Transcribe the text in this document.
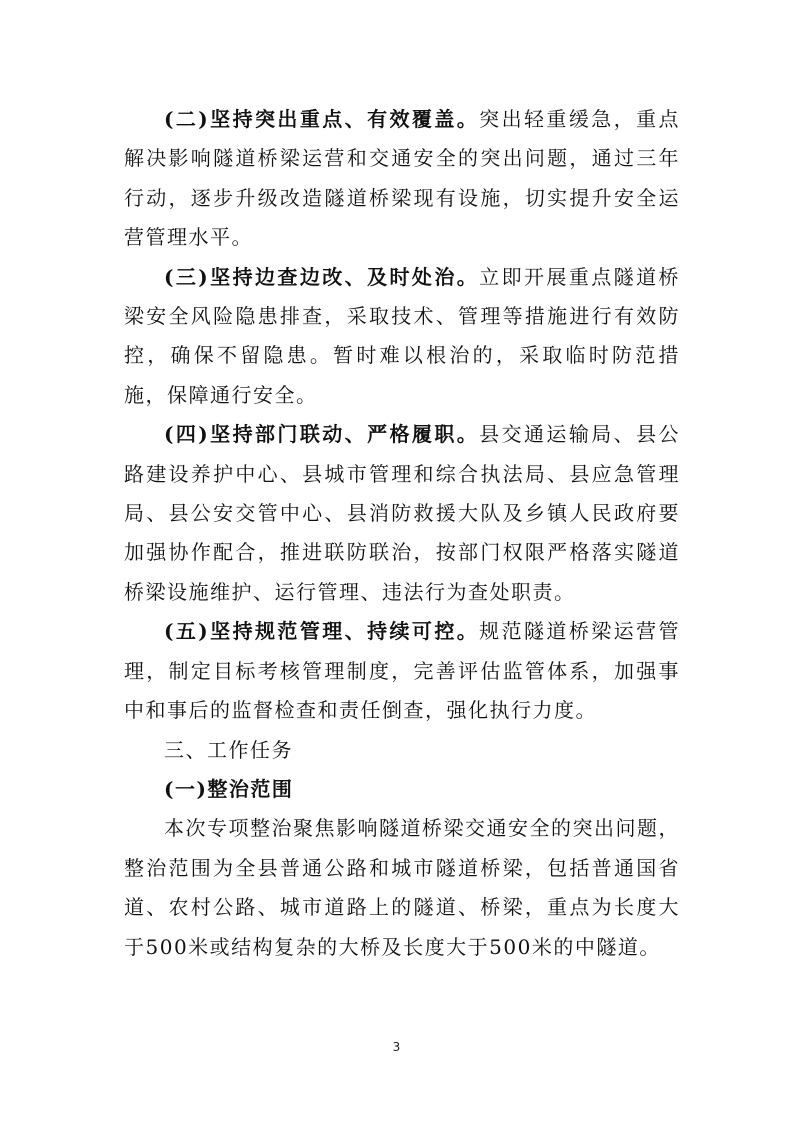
(二)坚持突出重点、有效覆盖。突出轻重缓急，重点解决影响隧道桥梁运营和交通安全的突出问题，通过三年行动，逐步升级改造隧道桥梁现有设施，切实提升安全运营管理水平。

(三)坚持边查边改、及时处治。立即开展重点隧道桥梁安全风险隐患排查，采取技术、管理等措施进行有效防控，确保不留隐患。暂时难以根治的，采取临时防范措施，保障通行安全。

(四)坚持部门联动、严格履职。县交通运输局、县公路建设养护中心、县城市管理和综合执法局、县应急管理局、县公安交管中心、县消防救援大队及乡镇人民政府要加强协作配合，推进联防联治，按部门权限严格落实隧道桥梁设施维护、运行管理、违法行为查处职责。

(五)坚持规范管理、持续可控。规范隧道桥梁运营管理，制定目标考核管理制度，完善评估监管体系，加强事中和事后的监督检查和责任倒查，强化执行力度。

三、工作任务

(一)整治范围

本次专项整治聚焦影响隧道桥梁交通安全的突出问题，整治范围为全县普通公路和城市隧道桥梁，包括普通国省道、农村公路、城市道路上的隧道、桥梁，重点为长度大于500米或结构复杂的大桥及长度大于500米的中隧道。

3
